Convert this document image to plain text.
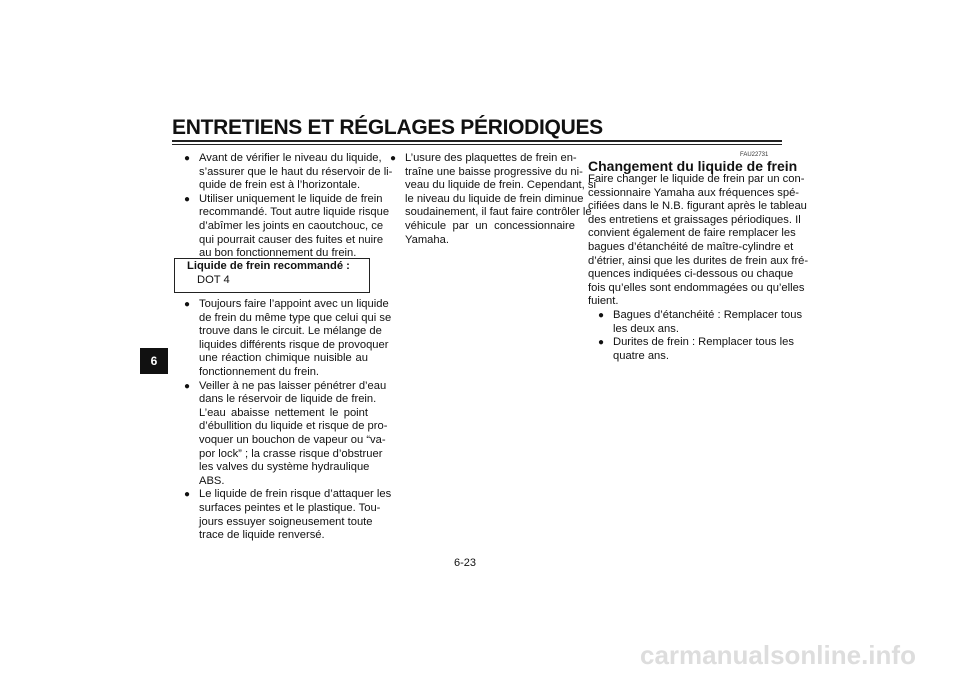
ENTRETIENS ET RÉGLAGES PÉRIODIQUES
6
● Avant de vérifier le niveau du liquide,
s’assurer que le haut du réservoir de li-
quide de frein est à l’horizontale.
● Utiliser uniquement le liquide de frein
recommandé. Tout autre liquide risque
d’abîmer les joints en caoutchouc, ce
qui pourrait causer des fuites et nuire
au bon fonctionnement du frein.
Liquide de frein recommandé :
DOT 4
● Toujours faire l’appoint avec un liquide
de frein du même type que celui qui se
trouve dans le circuit. Le mélange de
liquides différents risque de provoquer
une réaction chimique nuisible au
fonctionnement du frein.
● Veiller à ne pas laisser pénétrer d’eau
dans le réservoir de liquide de frein.
L’eau abaisse nettement le point
d’ébullition du liquide et risque de pro-
voquer un bouchon de vapeur ou “va-
por lock” ; la crasse risque d’obstruer
les valves du système hydraulique
ABS.
● Le liquide de frein risque d’attaquer les
surfaces peintes et le plastique. Tou-
jours essuyer soigneusement toute
trace de liquide renversé.
● L’usure des plaquettes de frein en-
traîne une baisse progressive du ni-
veau du liquide de frein. Cependant, si
le niveau du liquide de frein diminue
soudainement, il faut faire contrôler le
véhicule par un concessionnaire
Yamaha.
FAU22731
Changement du liquide de frein
Faire changer le liquide de frein par un con-
cessionnaire Yamaha aux fréquences spé-
cifiées dans le N.B. figurant après le tableau
des entretiens et graissages périodiques. Il
convient également de faire remplacer les
bagues d’étanchéité de maître-cylindre et
d’étrier, ainsi que les durites de frein aux fré-
quences indiquées ci-dessous ou chaque
fois qu’elles sont endommagées ou qu’elles
fuient.
● Bagues d’étanchéité : Remplacer tous
les deux ans.
● Durites de frein : Remplacer tous les
quatre ans.
6-23
carmanualsonline.info
